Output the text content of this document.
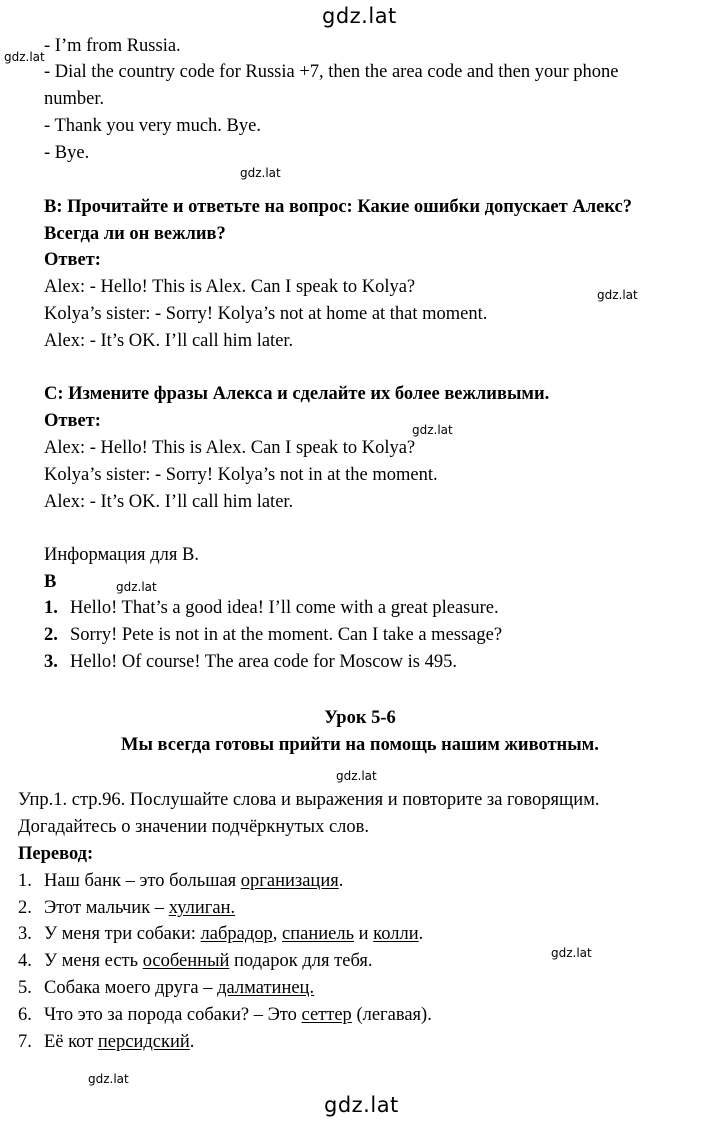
gdz.lat
gdz.lat
gdz.lat
gdz.lat
gdz.lat
gdz.lat
gdz.lat
gdz.lat
gdz.lat
gdz.lat
- I’m from Russia.
- Dial the country code for Russia +7, then the area code and then your phone
number.
- Thank you very much. Bye.
- Bye.
B: Прочитайте и ответьте на вопрос: Какие ошибки допускает Алекс?
Всегда ли он вежлив?
Ответ:
Alex: - Hello! This is Alex. Can I speak to Kolya?
Kolya’s sister: - Sorry! Kolya’s not at home at that moment.
Alex: - It’s OK. I’ll call him later.
C: Измените фразы Алекса и сделайте их более вежливыми.
Ответ:
Alex: - Hello! This is Alex. Can I speak to Kolya?
Kolya’s sister: - Sorry! Kolya’s not in at the moment.
Alex: - It’s OK. I’ll call him later.
Информация для В.
B
1. Hello! That’s a good idea! I’ll come with a great pleasure.
2. Sorry! Pete is not in at the moment. Can I take a message?
3. Hello! Of course! The area code for Moscow is 495.
Урок 5-6
Мы всегда готовы прийти на помощь нашим животным.
Упр.1. стр.96. Послушайте слова и выражения и повторите за говорящим.
Догадайтесь о значении подчёркнутых слов.
Перевод:
1. Наш банк – это большая организация.
2. Этот мальчик – хулиган.
3. У меня три собаки: лабрадор, спаниель и колли.
4. У меня есть особенный подарок для тебя.
5. Собака моего друга – далматинец.
6. Что это за порода собаки? – Это сеттер (легавая).
7. Её кот персидский.
